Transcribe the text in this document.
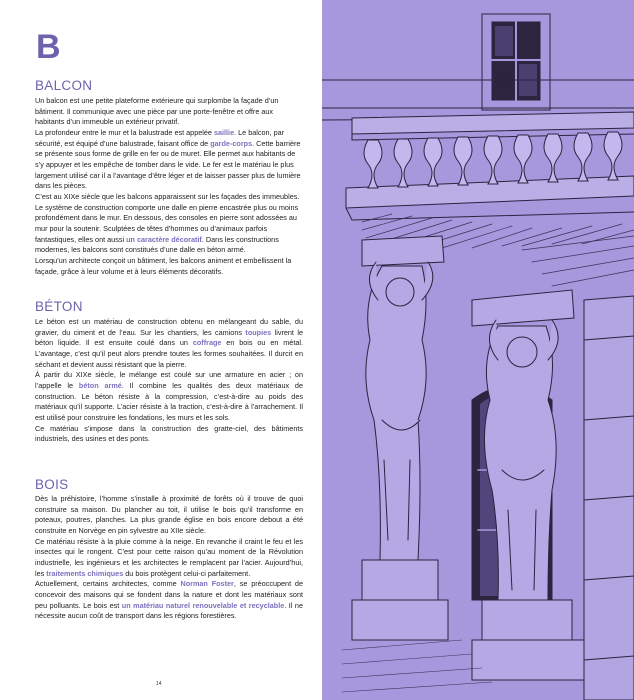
B
BALCON

Un balcon est une petite plateforme extérieure qui surplombe la façade d’un bâtiment. Il communique avec une pièce par une porte-fenêtre et offre aux habitants d’un immeuble un extérieur privatif.

La profondeur entre le mur et la balustrade est appelée saillie. Le balcon, par sécurité, est équipé d’une balustrade, faisant office de garde-corps. Cette barrière se présente sous forme de grille en fer ou de muret. Elle permet aux habitants de s’y appuyer et les empêche de tomber dans le vide. Le fer est le matériau le plus largement utilisé car il a l’avantage d’être léger et de laisser passer plus de lumière dans les pièces.

C’est au XIXe siècle que les balcons apparaissent sur les façades des immeubles. Le système de construction comporte une dalle en pierre encastrée plus ou moins profondément dans le mur. En dessous, des consoles en pierre sont adossées au mur pour la soutenir. Sculptées de têtes d’hommes ou d’animaux parfois fantastiques, elles ont aussi un caractère décoratif. Dans les constructions modernes, les balcons sont constitués d’une dalle en béton armé.

Lorsqu’un architecte conçoit un bâtiment, les balcons animent et embellissent la façade, grâce à leur volume et à leurs éléments décoratifs.

BÉTON

Le béton est un matériau de construction obtenu en mélangeant du sable, du gravier, du ciment et de l’eau. Sur les chantiers, les camions toupies livrent le béton liquide. Il est ensuite coulé dans un coffrage en bois ou en métal. L’avantage, c’est qu’il peut alors prendre toutes les formes souhaitées. Il durcit en séchant et devient aussi résistant que la pierre.

À partir du XIXe siècle, le mélange est coulé sur une armature en acier ; on l’appelle le béton armé. Il combine les qualités des deux matériaux de construction. Le béton résiste à la compression, c’est-à-dire au poids des matériaux qu’il supporte. L’acier résiste à la traction, c’est-à-dire à l’arrachement. Il est utilisé pour construire les fondations, les murs et les sols.

Ce matériau s’impose dans la construction des gratte-ciel, des bâtiments industriels, des usines et des ponts.

BOIS

Dès la préhistoire, l’homme s’installe à proximité de forêts où il trouve de quoi construire sa maison. Du plancher au toit, il utilise le bois qu’il transforme en poteaux, poutres, planches. La plus grande église en bois encore debout a été construite en Norvège en pin sylvestre au XIIe siècle.

Ce matériau résiste à la pluie comme à la neige. En revanche il craint le feu et les insectes qui le rongent. C’est pour cette raison qu’au moment de la Révolution industrielle, les ingénieurs et les architectes le remplacent par l’acier. Aujourd’hui, les traitements chimiques du bois protègent celui-ci parfaitement.

Actuellement, certains architectes, comme Norman Foster, se préoccupent de concevoir des maisons qui se fondent dans la nature et dont les matériaux sont peu polluants. Le bois est un matériau naturel renouvelable et recyclable. Il ne nécessite aucun coût de transport dans les régions forestières.

14
